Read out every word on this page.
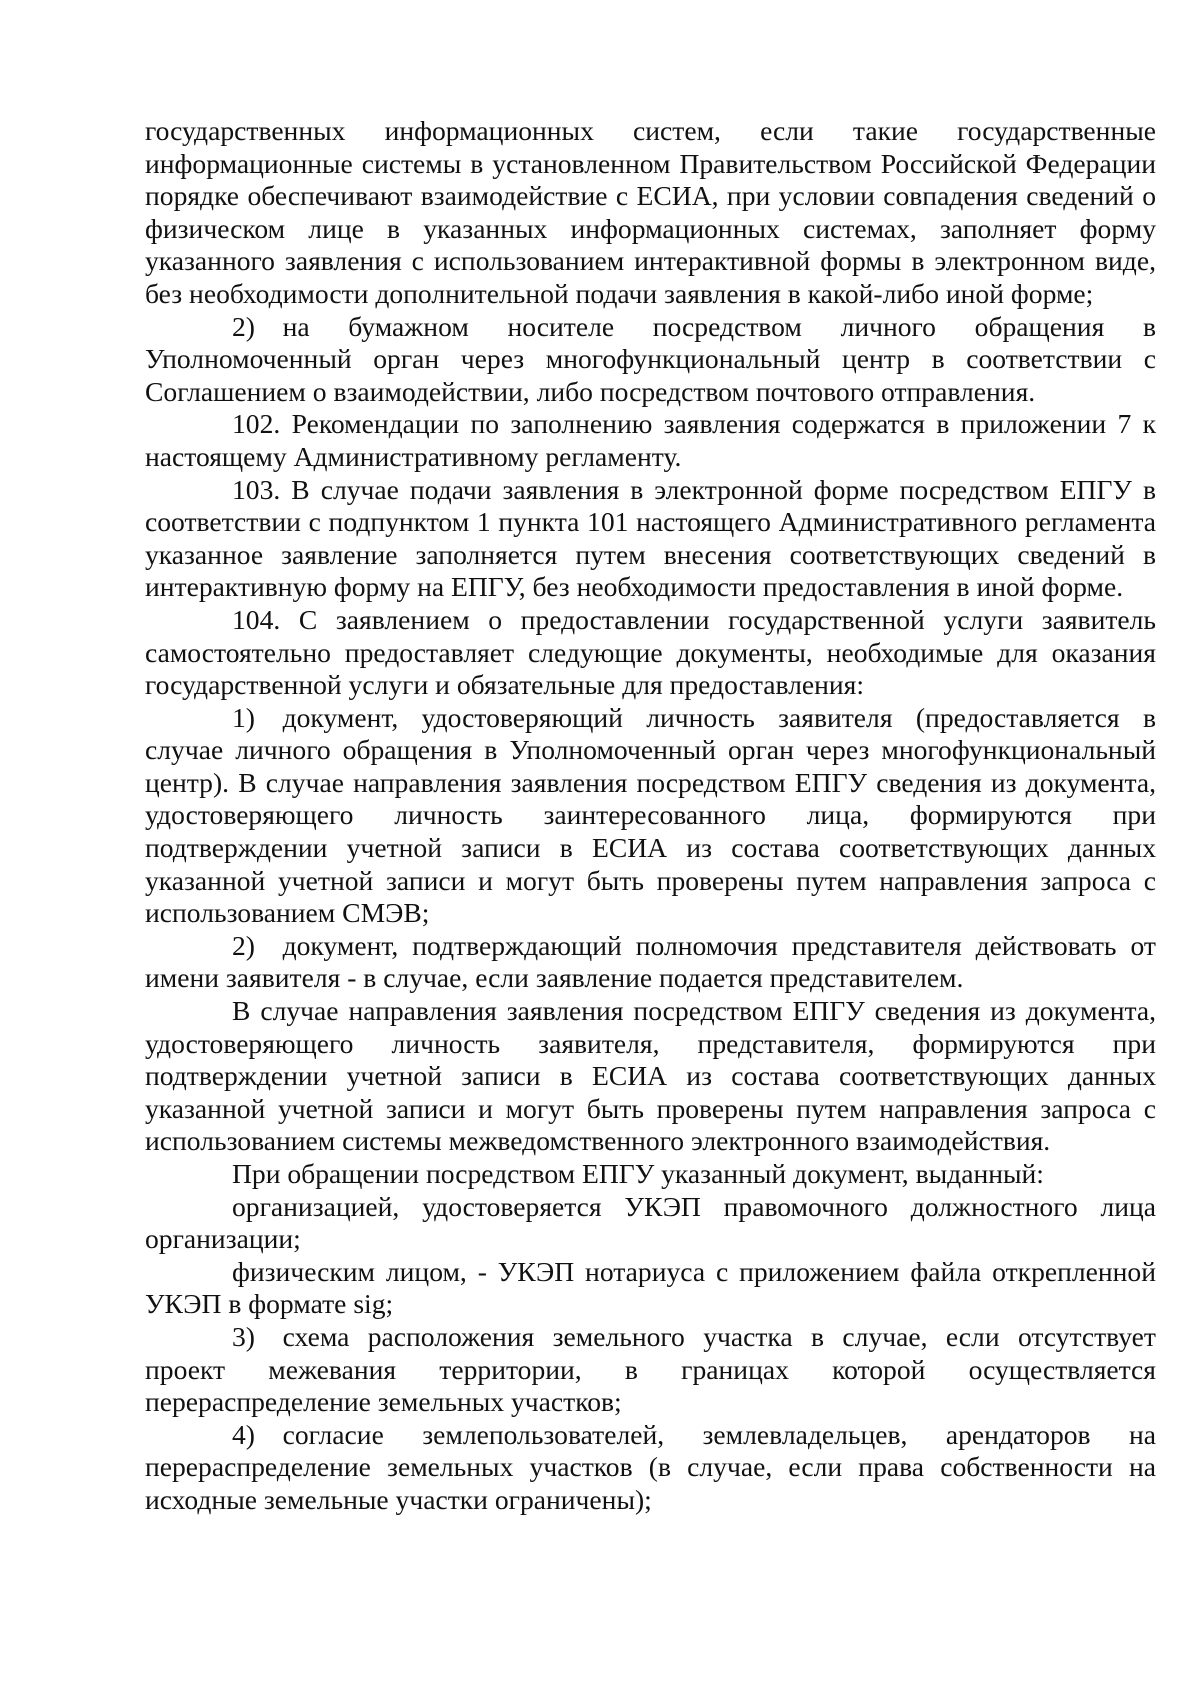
государственных информационных систем, если такие государственные информационные системы в установленном Правительством Российской Федерации порядке обеспечивают взаимодействие с ЕСИА, при условии совпадения сведений о физическом лице в указанных информационных системах, заполняет форму указанного заявления с использованием интерактивной формы в электронном виде, без необходимости дополнительной подачи заявления в какой-либо иной форме;

2) на бумажном носителе посредством личного обращения в Уполномоченный орган через многофункциональный центр в соответствии с Соглашением о взаимодействии, либо посредством почтового отправления.

102. Рекомендации по заполнению заявления содержатся в приложении 7 к настоящему Административному регламенту.

103. В случае подачи заявления в электронной форме посредством ЕПГУ в соответствии с подпунктом 1 пункта 101 настоящего Административного регламента указанное заявление заполняется путем внесения соответствующих сведений в интерактивную форму на ЕПГУ, без необходимости предоставления в иной форме.

104. С заявлением о предоставлении государственной услуги заявитель самостоятельно предоставляет следующие документы, необходимые для оказания государственной услуги и обязательные для предоставления:

1) документ, удостоверяющий личность заявителя (предоставляется в случае личного обращения в Уполномоченный орган через многофункциональный центр). В случае направления заявления посредством ЕПГУ сведения из документа, удостоверяющего личность заинтересованного лица, формируются при подтверждении учетной записи в ЕСИА из состава соответствующих данных указанной учетной записи и могут быть проверены путем направления запроса с использованием СМЭВ;

2) документ, подтверждающий полномочия представителя действовать от имени заявителя - в случае, если заявление подается представителем.

В случае направления заявления посредством ЕПГУ сведения из документа, удостоверяющего личность заявителя, представителя, формируются при подтверждении учетной записи в ЕСИА из состава соответствующих данных указанной учетной записи и могут быть проверены путем направления запроса с использованием системы межведомственного электронного взаимодействия.

При обращении посредством ЕПГУ указанный документ, выданный:

организацией, удостоверяется УКЭП правомочного должностного лица организации;

физическим лицом, - УКЭП нотариуса с приложением файла открепленной УКЭП в формате sig;

3) схема расположения земельного участка в случае, если отсутствует проект межевания территории, в границах которой осуществляется перераспределение земельных участков;

4) согласие землепользователей, землевладельцев, арендаторов на перераспределение земельных участков (в случае, если права собственности на исходные земельные участки ограничены);
